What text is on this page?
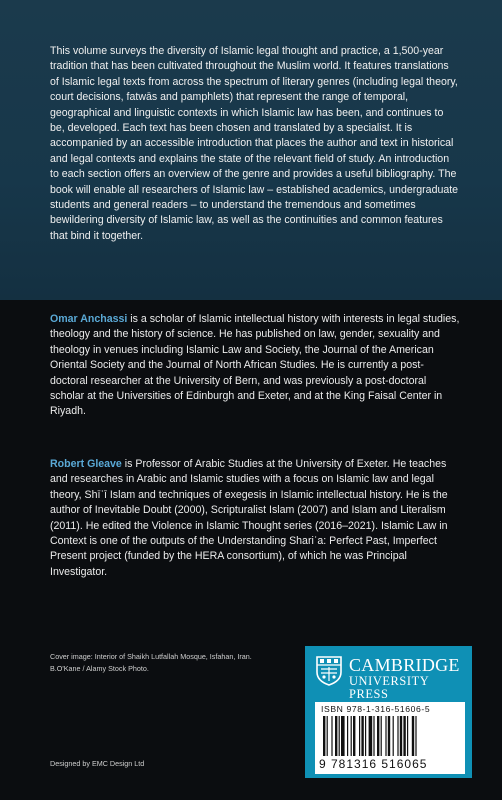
This volume surveys the diversity of Islamic legal thought and practice, a 1,500-year tradition that has been cultivated throughout the Muslim world. It features translations of Islamic legal texts from across the spectrum of literary genres (including legal theory, court decisions, fatwās and pamphlets) that represent the range of temporal, geographical and linguistic contexts in which Islamic law has been, and continues to be, developed. Each text has been chosen and translated by a specialist. It is accompanied by an accessible introduction that places the author and text in historical and legal contexts and explains the state of the relevant field of study. An introduction to each section offers an overview of the genre and provides a useful bibliography. The book will enable all researchers of Islamic law – established academics, undergraduate students and general readers – to understand the tremendous and sometimes bewildering diversity of Islamic law, as well as the continuities and common features that bind it together.

Omar Anchassi is a scholar of Islamic intellectual history with interests in legal studies, theology and the history of science. He has published on law, gender, sexuality and theology in venues including Islamic Law and Society, the Journal of the American Oriental Society and the Journal of North African Studies. He is currently a post-doctoral researcher at the University of Bern, and was previously a post-doctoral scholar at the Universities of Edinburgh and Exeter, and at the King Faisal Center in Riyadh.

Robert Gleave is Professor of Arabic Studies at the University of Exeter. He teaches and researches in Arabic and Islamic studies with a focus on Islamic law and legal theory, Shīʿī Islam and techniques of exegesis in Islamic intellectual history. He is the author of Inevitable Doubt (2000), Scripturalist Islam (2007) and Islam and Literalism (2011). He edited the Violence in Islamic Thought series (2016–2021). Islamic Law in Context is one of the outputs of the Understanding Shariʿa: Perfect Past, Imperfect Present project (funded by the HERA consortium), of which he was Principal Investigator.

Cover image: Interior of Shaikh Lutfallah Mosque, Isfahan, Iran. B.O'Kane / Alamy Stock Photo.
Designed by EMC Design Ltd
CAMBRIDGE
UNIVERSITY PRESS
ISBN 978-1-316-51606-5
9 781316 516065
